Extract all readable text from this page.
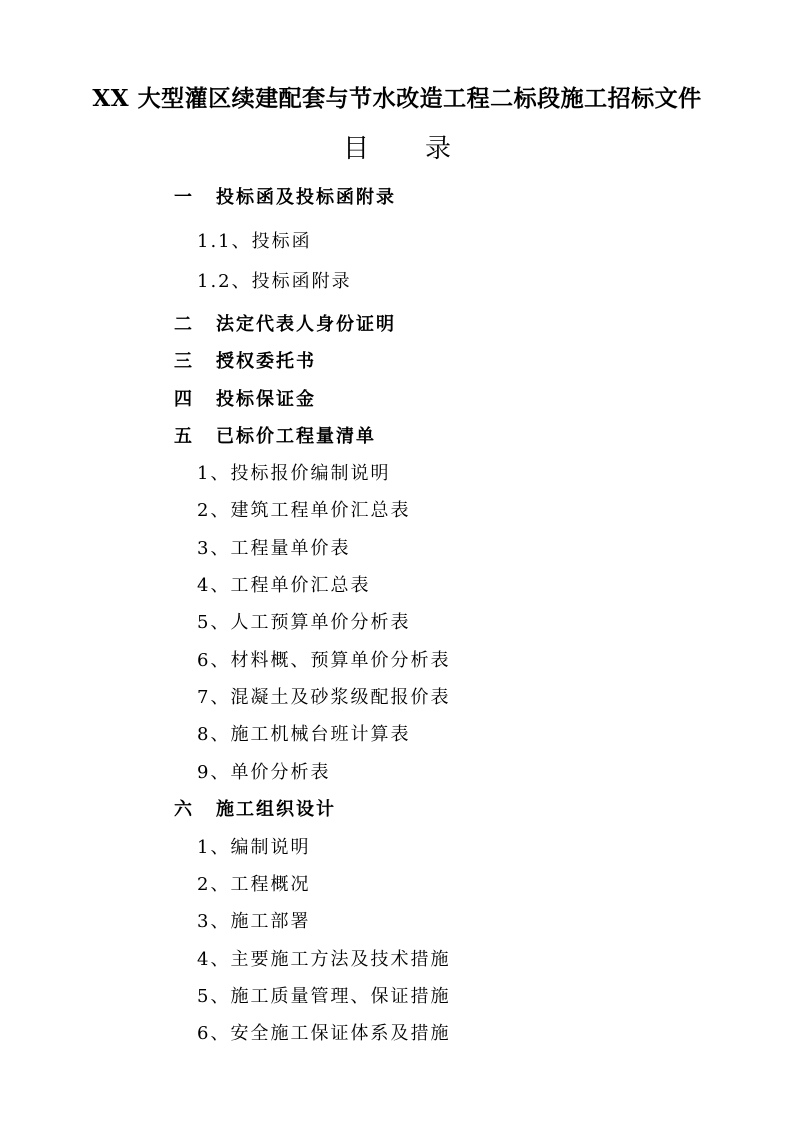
XX 大型灌区续建配套与节水改造工程二标段施工招标文件
目 录
一 投标函及投标函附录
1.1、投标函
1.2、投标函附录
二 法定代表人身份证明
三 授权委托书
四 投标保证金
五 已标价工程量清单
1、投标报价编制说明
2、建筑工程单价汇总表
3、工程量单价表
4、工程单价汇总表
5、人工预算单价分析表
6、材料概、预算单价分析表
7、混凝土及砂浆级配报价表
8、施工机械台班计算表
9、单价分析表
六 施工组织设计
1、编制说明
2、工程概况
3、施工部署
4、主要施工方法及技术措施
5、施工质量管理、保证措施
6、安全施工保证体系及措施
